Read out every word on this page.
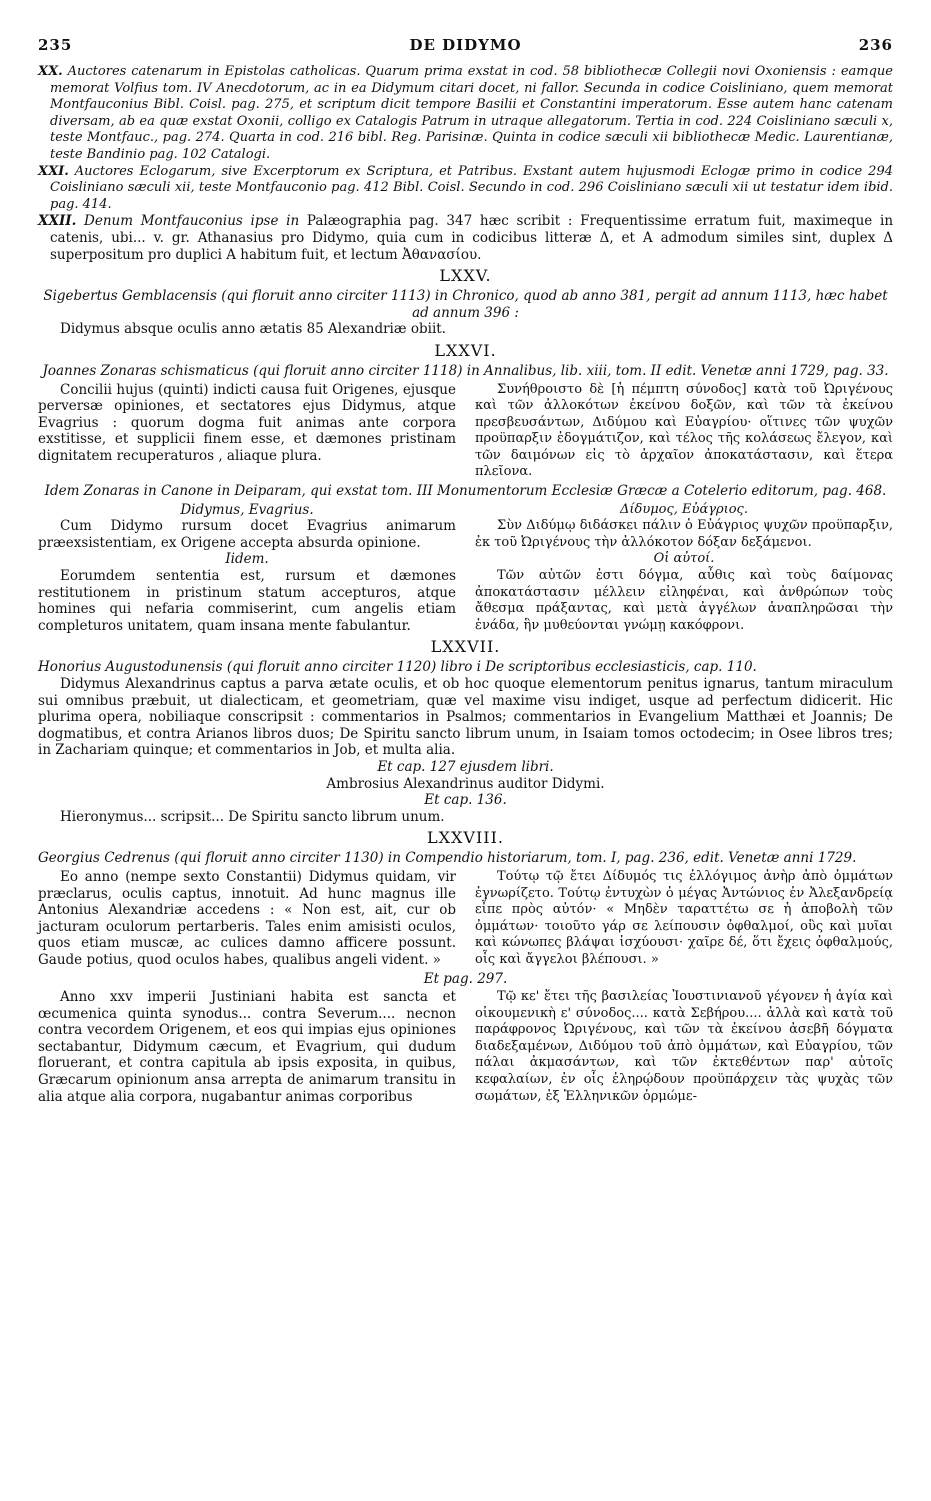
235	DE DIDYMO	236

XX. Auctores catenarum in Epistolas catholicas. Quarum prima exstat in cod. 58 bibliothecæ Collegii novi Oxoniensis : eamque memorat Volfius tom. IV Anecdotorum, ac in ea Didymum citari docet, ni fallor. Secunda in codice Coisliniano, quem memorat Montfauconius Bibl. Coisl. pag. 275, et scriptum dicit tempore Basilii et Constantini imperatorum. Esse autem hanc catenam diversam, ab ea quæ exstat Oxonii, colligo ex Catalogis Patrum in utraque allegatorum. Tertia in cod. 224 Coisliniano sæculi x, teste Montfauc., pag. 274. Quarta in cod. 216 bibl. Reg. Parisinæ. Quinta in codice sæculi xii bibliothecæ Medic. Laurentianæ, teste Bandinio pag. 102 Catalogi.

XXI. Auctores Eclogarum, sive Excerptorum ex Scriptura, et Patribus. Exstant autem hujusmodi Eclogæ primo in codice 294 Coisliniano sæculi xii, teste Montfauconio pag. 412 Bibl. Coisl. Secundo in cod. 296 Coisliniano sæculi xii ut testatur idem ibid. pag. 414.

XXII. Denum Montfauconius ipse in Palæographia pag. 347 hæc scribit : Frequentissime erratum fuit, maximeque in catenis, ubi... v. gr. Athanasius pro Didymo, quia cum in codicibus litteræ Δ, et A admodum similes sint, duplex Δ superpositum pro duplici A habitum fuit, et lectum Ἀθανασίου.

LXXV.

Sigebertus Gemblacensis (qui floruit anno circiter 1113) in Chronico, quod ab anno 381, pergit ad annum 1113, hæc habet ad annum 396 :

Didymus absque oculis anno ætatis 85 Alexandriæ obiit.

LXXVI.

Joannes Zonaras schismaticus (qui floruit anno circiter 1118) in Annalibus, lib. xiii, tom. II edit. Venetæ anni 1729, pag. 33.

Concilii hujus (quinti) indicti causa fuit Origenes, ejusque perversæ opiniones, et sectatores ejus Didymus, atque Evagrius : quorum dogma fuit animas ante corpora exstitisse, et supplicii finem esse, et dæmones pristinam dignitatem recuperaturos , aliaque plura.

Συνήθροιστο δὲ [ἡ πέμπτη σύνοδος] κατὰ τοῦ Ὠριγένους καὶ τῶν ἀλλοκότων ἐκείνου δοξῶν, καὶ τῶν τὰ ἐκείνου πρεσβευσάντων, Διδύμου καὶ Εὐαγρίου· οἵτινες τῶν ψυχῶν προϋπαρξιν ἐδογμάτιζον, καὶ τέλος τῆς κολάσεως ἔλεγον, καὶ τῶν δαιμόνων εἰς τὸ ἀρχαῖον ἀποκατάστασιν, καὶ ἕτερα πλεῖονα.

Idem Zonaras in Canone in Deiparam, qui exstat tom. III Monumentorum Ecclesiæ Græcæ a Coteleriо editorum, pag. 468.

Didymus, Evagrius.

Cum Didymo rursum docet Evagrius animarum præexsistentiam, ex Origene accepta absurda opinione.

Iidem.

Eorumdem sententia est, rursum et dæmones restitutionem in pristinum statum accepturos, atque homines qui nefaria commiserint, cum angelis etiam completuros unitatem, quam insana mente fabulantur.

Δίδυμος, Εὐάγριος.

Σὺν Διδύμῳ διδάσκει πάλιν ὁ Εὐάγριος ψυχῶν προϋπαρξιν, ἐκ τοῦ Ὠριγένους τὴν ἀλλόκοτον δόξαν δεξάμενοι.

Οἱ αὐτοί.

Τῶν αὐτῶν ἐστι δόγμα, αὖθις καὶ τοὺς δαίμονας ἀποκατάστασιν μέλλειν εἰληφέναι, καὶ ἀνθρώπων τοὺς ἄθεσμα πράξαντας, καὶ μετὰ ἀγγέλων ἀναπληρῶσαι τὴν ἑνάδα, ἣν μυθεύονται γνώμῃ κακόφρονι.

LXXVII.

Honorius Augustodunensis (qui floruit anno circiter 1120) libro i De scriptoribus ecclesiasticis, cap. 110.

Didymus Alexandrinus captus a parva ætate oculis, et ob hoc quoque elementorum penitus ignarus, tantum miraculum sui omnibus præbuit, ut dialecticam, et geometriam, quæ vel maxime visu indiget, usque ad perfectum didicerit. Hic plurima opera, nobiliaque conscripsit : commentarios in Psalmos; commentarios in Evangelium Matthæi et Joannis; De dogmatibus, et contra Arianos libros duos; De Spiritu sancto librum unum, in Isaiam tomos octodecim; in Osee libros tres; in Zachariam quinque; et commentarios in Job, et multa alia.

Et cap. 127 ejusdem libri.

Ambrosius Alexandrinus auditor Didymi.

Et cap. 136.

Hieronymus... scripsit... De Spiritu sancto librum unum.

LXXVIII.

Georgius Cedrenus (qui floruit anno circiter 1130) in Compendio historiarum, tom. I, pag. 236, edit. Venetæ anni 1729.

Eo anno (nempe sexto Constantii) Didymus quidam, vir præclarus, oculis captus, innotuit. Ad hunc magnus ille Antonius Alexandriæ accedens : « Non est, ait, cur ob jacturam oculorum pertarberis. Tales enim amisisti oculos, quos etiam muscæ, ac culices damno afficere possunt. Gaude potius, quod oculos habes, qualibus angeli vident. »

Τούτῳ τῷ ἔτει Δίδυμός τις ἐλλόγιμος ἀνὴρ ἀπὸ ὀμμάτων ἐγνωρίζετο. Τούτῳ ἐντυχὼν ὁ μέγας Ἀντώνιος ἐν Ἀλεξανδρείᾳ εἶπε πρὸς αὐτόν· « Μηδὲν ταραττέτω σε ἡ ἀποβολὴ τῶν ὀμμάτων· τοιοῦτο γάρ σε λείπουσιν ὀφθαλμοί, οὓς καὶ μυῖαι καὶ κώνωπες βλάψαι ἰσχύουσι· χαῖρε δέ, ὅτι ἔχεις ὀφθαλμούς, οἷς καὶ ἄγγελοι βλέπουσι. »

Et pag. 297.

Anno xxv imperii Justiniani habita est sancta et œcumenica quinta synodus... contra Severum.... necnon contra vecordem Origenem, et eos qui impias ejus opiniones sectabantur, Didymum cæcum, et Evagrium, qui dudum floruerant, et contra capitula ab ipsis exposita, in quibus, Græcarum opinionum ansa arrepta de animarum transitu in alia atque alia corpora, nugabantur animas corporibus

Τῷ κε' ἔτει τῆς βασιλείας Ἰουστινιανοῦ γέγονεν ἡ ἁγία καὶ οἰκουμενικὴ ε' σύνοδος.... κατὰ Σεβήρου.... ἀλλὰ καὶ κατὰ τοῦ παράφρονος Ὠριγένους, καὶ τῶν τὰ ἐκείνου ἀσεβῆ δόγματα διαδεξαμένων, Διδύμου τοῦ ἀπὸ ὀμμάτων, καὶ Εὐαγρίου, τῶν πάλαι ἀκμασάντων, καὶ τῶν ἐκτεθέντων παρ' αὐτοῖς κεφαλαίων, ἐν οἷς ἐληρῴδουν προϋπάρχειν τὰς ψυχὰς τῶν σωμάτων, ἐξ Ἑλληνικῶν ὁρμώμε-
